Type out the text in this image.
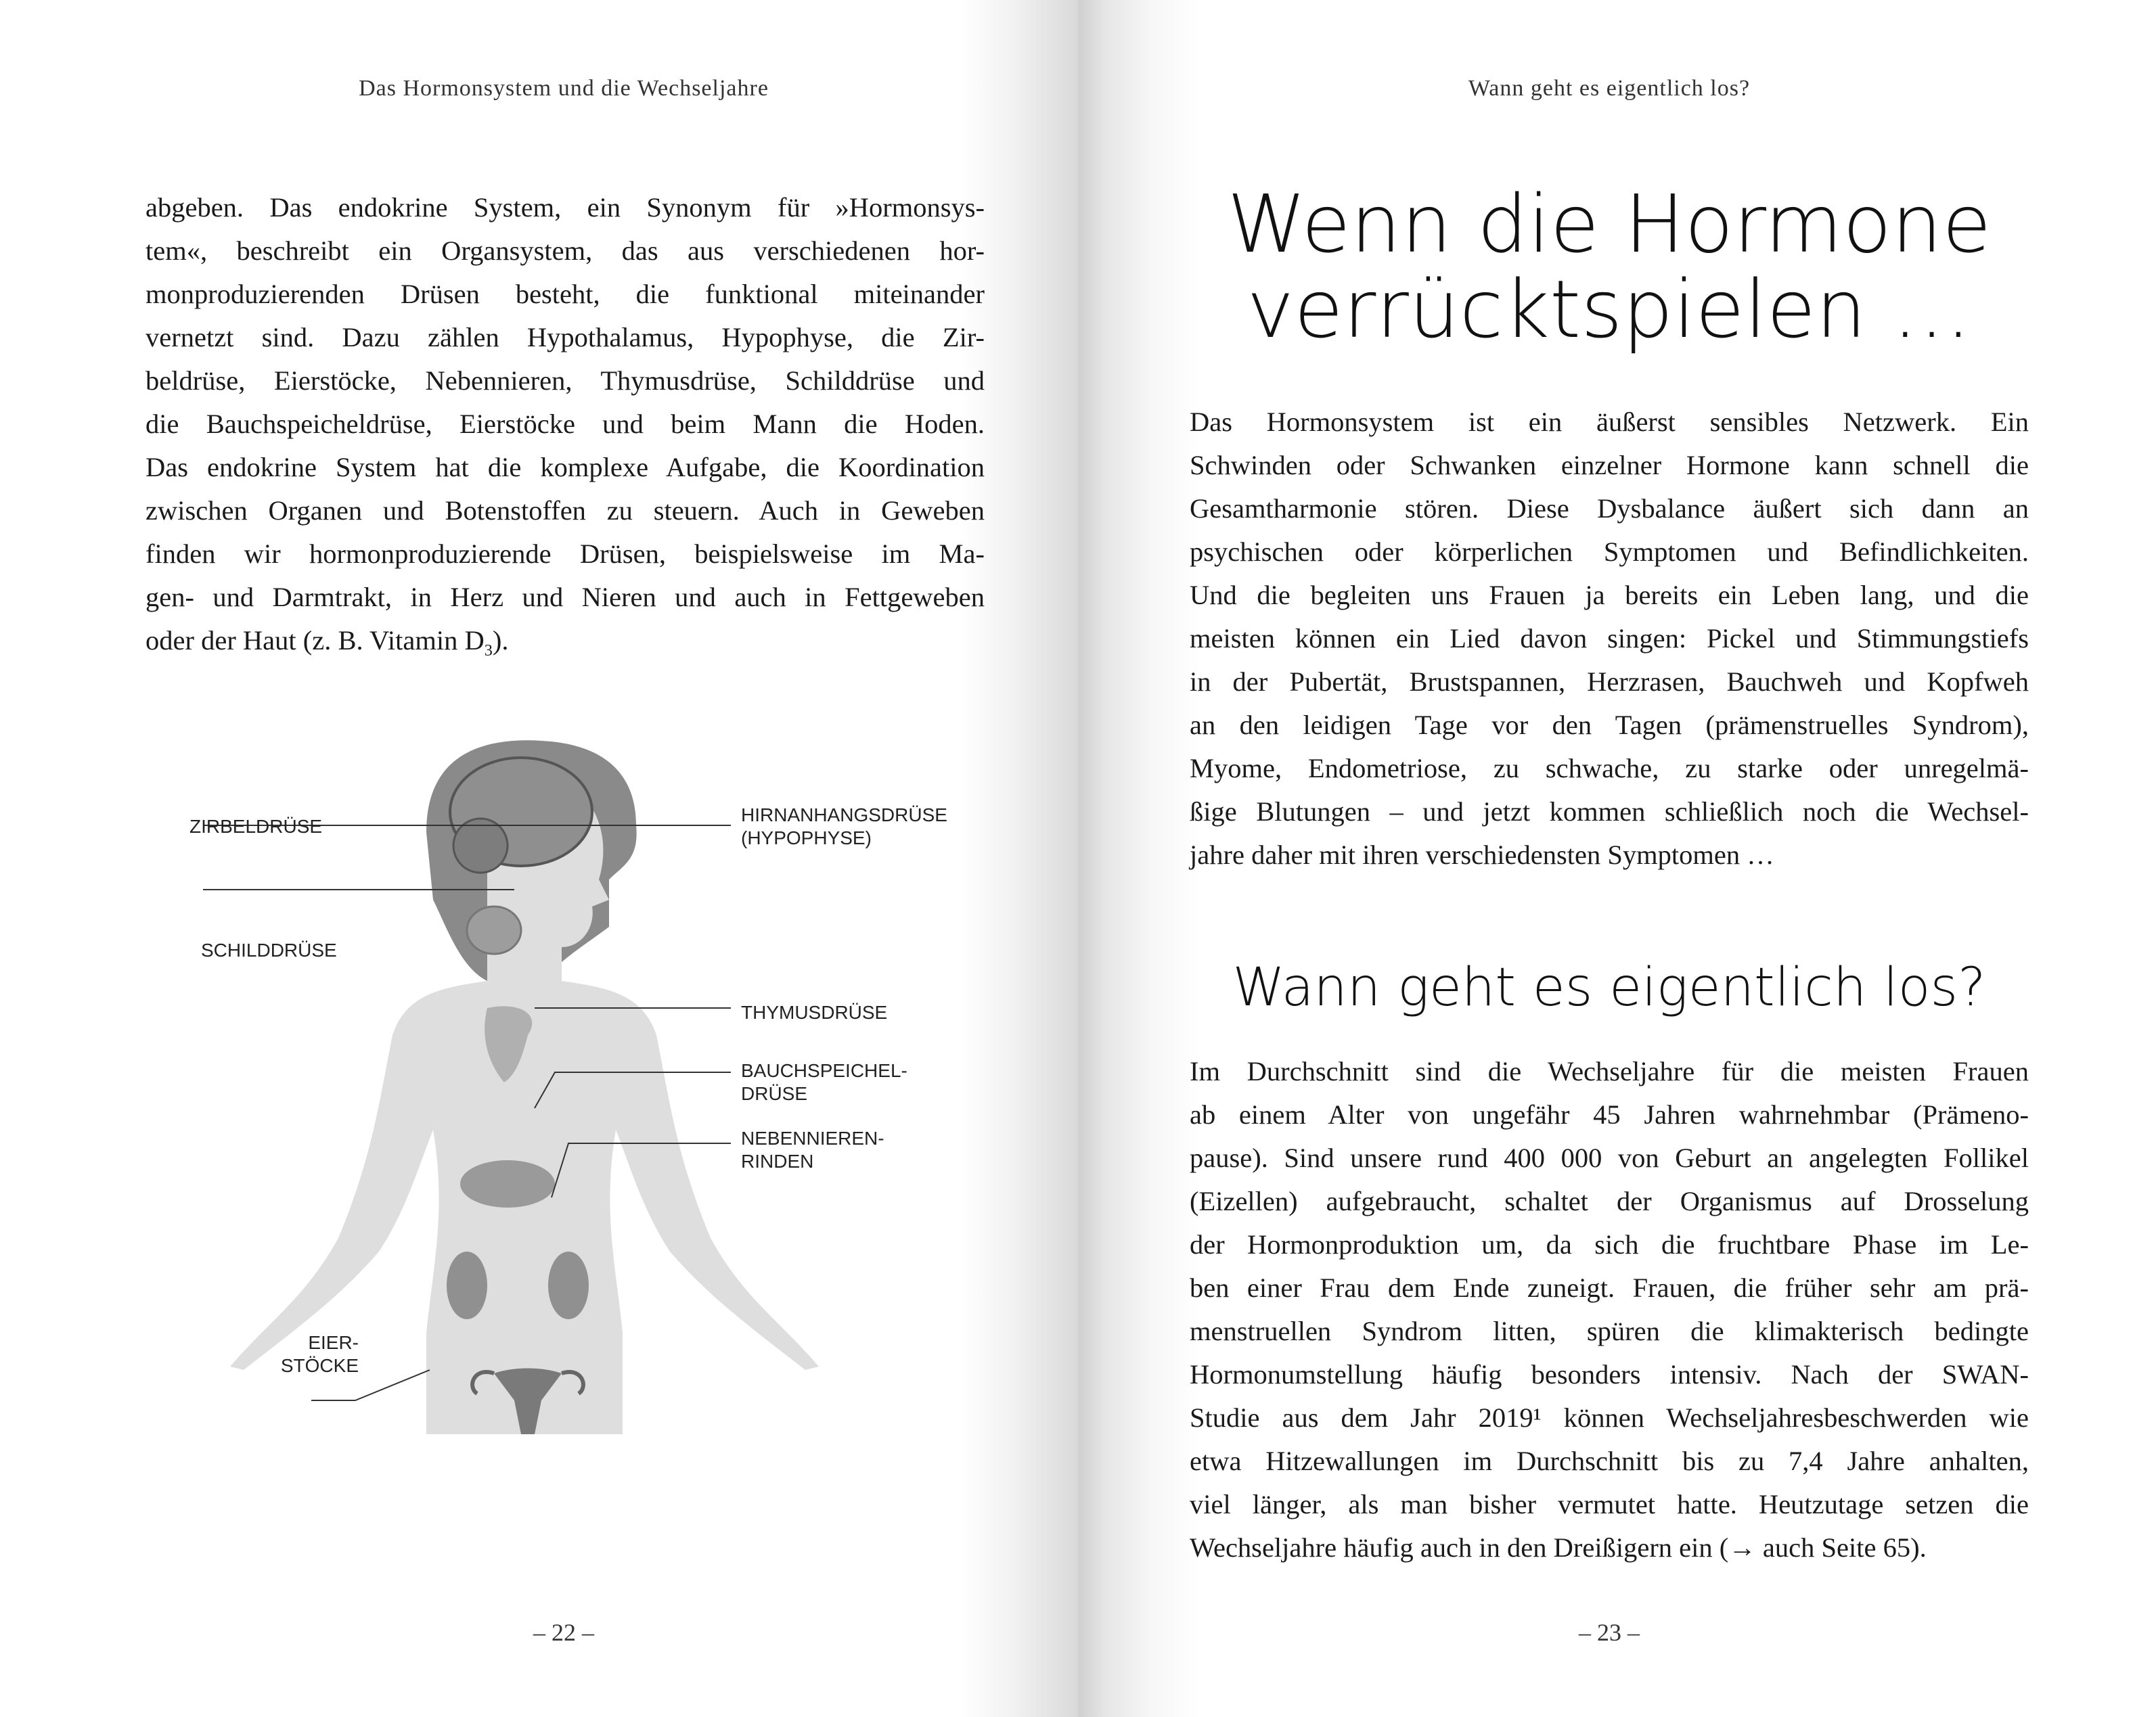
Das Hormonsystem und die Wechseljahre
abgeben. Das endokrine System, ein Synonym für »Hormonsys-
tem«, beschreibt ein Organsystem, das aus verschiedenen hor-
monproduzierenden Drüsen besteht, die funktional miteinander
vernetzt sind. Dazu zählen Hypothalamus, Hypophyse, die Zir-
beldrüse, Eierstöcke, Nebennieren, Thymusdrüse, Schilddrüse und
die Bauchspeicheldrüse, Eierstöcke und beim Mann die Hoden.
Das endokrine System hat die komplexe Aufgabe, die Koordination
zwischen Organen und Botenstoffen zu steuern. Auch in Geweben
finden wir hormonproduzierende Drüsen, beispielsweise im Ma-
gen- und Darmtrakt, in Herz und Nieren und auch in Fettgeweben
oder der Haut (z. B. Vitamin $D_3$).
ZIRBELDRÜSE
HIRNANHANGSDRÜSE
(HYPOPHYSE)
SCHILDDRÜSE
THYMUSDRÜSE
BAUCHSPEICHEL-
DRÜSE
NEBENNIEREN-
RINDEN
EIER-
STÖCKE
– 22 –
Wann geht es eigentlich los?
Wenn die Hormone
verrücktspielen …
Das Hormonsystem ist ein äußerst sensibles Netzwerk. Ein
Schwinden oder Schwanken einzelner Hormone kann schnell die
Gesamtharmonie stören. Diese Dysbalance äußert sich dann an
psychischen oder körperlichen Symptomen und Befindlichkeiten.
Und die begleiten uns Frauen ja bereits ein Leben lang, und die
meisten können ein Lied davon singen: Pickel und Stimmungstiefs
in der Pubertät, Brustspannen, Herzrasen, Bauchweh und Kopfweh
an den leidigen Tage vor den Tagen (prämenstruelles Syndrom),
Myome, Endometriose, zu schwache, zu starke oder unregelmä-
ßige Blutungen – und jetzt kommen schließlich noch die Wechsel-
jahre daher mit ihren verschiedensten Symptomen …
Wann geht es eigentlich los?
Im Durchschnitt sind die Wechseljahre für die meisten Frauen
ab einem Alter von ungefähr 45 Jahren wahrnehmbar (Prämeno-
pause). Sind unsere rund 400 000 von Geburt an angelegten Follikel
(Eizellen) aufgebraucht, schaltet der Organismus auf Drosselung
der Hormonproduktion um, da sich die fruchtbare Phase im Le-
ben einer Frau dem Ende zuneigt. Frauen, die früher sehr am prä-
menstruellen Syndrom litten, spüren die klimakterisch bedingte
Hormonumstellung häufig besonders intensiv. Nach der SWAN-
Studie aus dem Jahr 2019¹ können Wechseljahresbeschwerden wie
etwa Hitzewallungen im Durchschnitt bis zu 7,4 Jahre anhalten,
viel länger, als man bisher vermutet hatte. Heutzutage setzen die
Wechseljahre häufig auch in den Dreißigern ein (→ auch Seite 65).
– 23 –
